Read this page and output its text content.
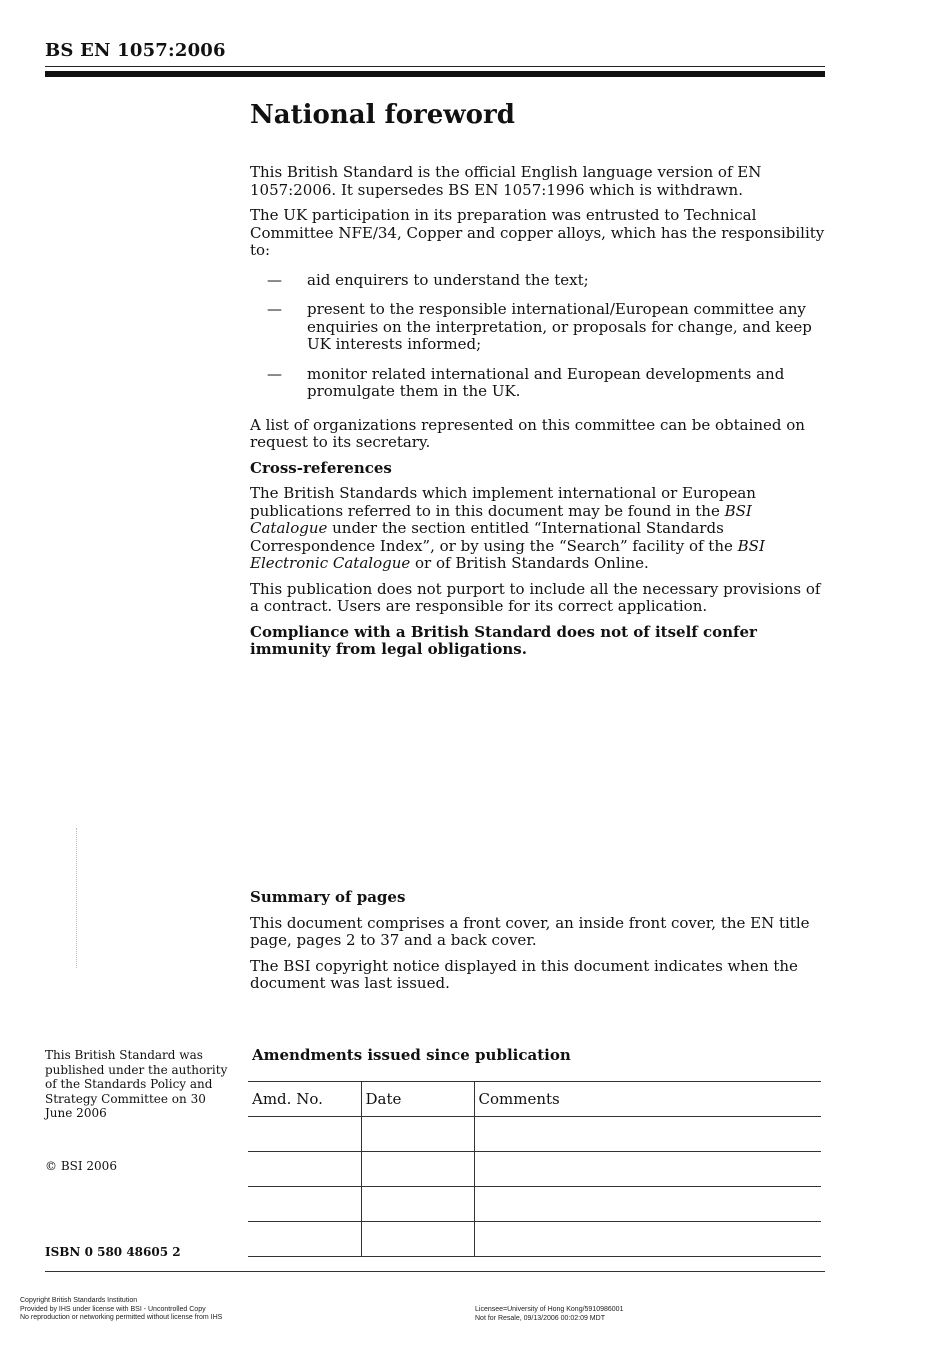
BS EN 1057:2006
National foreword

This British Standard is the official English language version of EN 1057:2006. It supersedes BS EN 1057:1996 which is withdrawn.

The UK participation in its preparation was entrusted to Technical Committee NFE/34, Copper and copper alloys, which has the responsibility to:

— aid enquirers to understand the text;
— present to the responsible international/European committee any enquiries on the interpretation, or proposals for change, and keep UK interests informed;
— monitor related international and European developments and promulgate them in the UK.

A list of organizations represented on this committee can be obtained on request to its secretary.

Cross-references

The British Standards which implement international or European publications referred to in this document may be found in the BSI Catalogue under the section entitled “International Standards Correspondence Index”, or by using the “Search” facility of the BSI Electronic Catalogue or of British Standards Online.

This publication does not purport to include all the necessary provisions of a contract. Users are responsible for its correct application.

Compliance with a British Standard does not of itself confer immunity from legal obligations.

Summary of pages

This document comprises a front cover, an inside front cover, the EN title page, pages 2 to 37 and a back cover.

The BSI copyright notice displayed in this document indicates when the document was last issued.

This British Standard was published under the authority of the Standards Policy and Strategy Committee on 30 June 2006
© BSI 2006
ISBN 0 580 48605 2
Amendments issued since publication
Amd. No.	Date	Comments

Copyright British Standards Institution
Provided by IHS under license with BSI - Uncontrolled Copy
No reproduction or networking permitted without license from IHS
Licensee=University of Hong Kong/5910986001
Not for Resale, 09/13/2006 00:02:09 MDT
